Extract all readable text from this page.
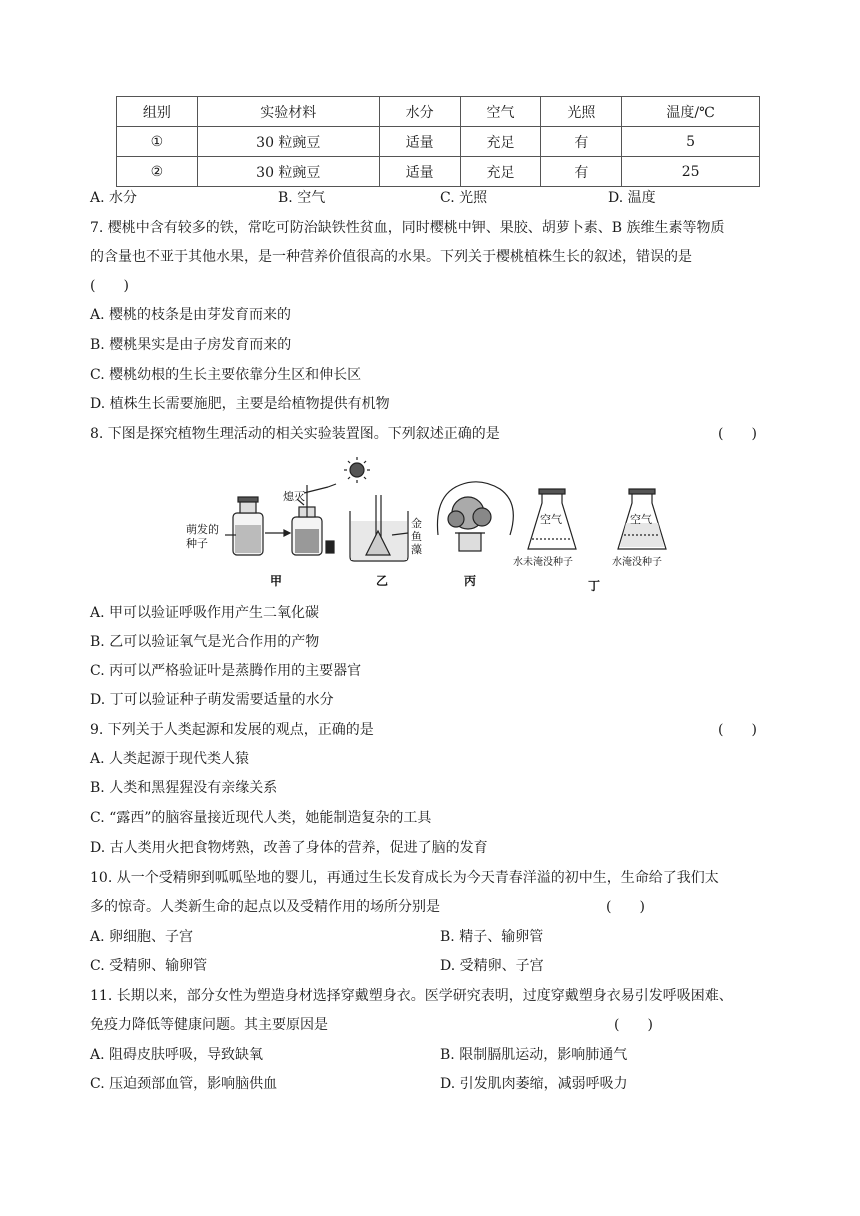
组别	实验材料	水分	空气	光照	温度/℃
①	30 粒豌豆	适量	充足	有	5
②	30 粒豌豆	适量	充足	有	25
A. 水分	B. 空气	C. 光照	D. 温度
7. 樱桃中含有较多的铁，常吃可防治缺铁性贫血，同时樱桃中钾、果胶、胡萝卜素、B 族维生素等物质
的含量也不亚于其他水果，是一种营养价值很高的水果。下列关于樱桃植株生长的叙述，错误的是
(　　)
A. 樱桃的枝条是由芽发育而来的
B. 樱桃果实是由子房发育而来的
C. 樱桃幼根的生长主要依靠分生区和伸长区
D. 植株生长需要施肥，主要是给植物提供有机物
8. 下图是探究植物生理活动的相关实验装置图。下列叙述正确的是	(　　)
萌发的
种子
熄灭
金
鱼
藻
空气	空气
水未淹没种子	水淹没种子
甲	乙	丙	丁
A. 甲可以验证呼吸作用产生二氧化碳
B. 乙可以验证氧气是光合作用的产物
C. 丙可以严格验证叶是蒸腾作用的主要器官
D. 丁可以验证种子萌发需要适量的水分
9. 下列关于人类起源和发展的观点，正确的是	(　　)
A. 人类起源于现代类人猿
B. 人类和黑猩猩没有亲缘关系
C. “露西”的脑容量接近现代人类，她能制造复杂的工具
D. 古人类用火把食物烤熟，改善了身体的营养，促进了脑的发育
10. 从一个受精卵到呱呱坠地的婴儿，再通过生长发育成长为今天青春洋溢的初中生，生命给了我们太
多的惊奇。人类新生命的起点以及受精作用的场所分别是	(　　)
A. 卵细胞、子宫	B. 精子、输卵管
C. 受精卵、输卵管	D. 受精卵、子宫
11. 长期以来，部分女性为塑造身材选择穿戴塑身衣。医学研究表明，过度穿戴塑身衣易引发呼吸困难、
免疫力降低等健康问题。其主要原因是	(　　)
A. 阻碍皮肤呼吸，导致缺氧	B. 限制膈肌运动，影响肺通气
C. 压迫颈部血管，影响脑供血	D. 引发肌肉萎缩，减弱呼吸力
